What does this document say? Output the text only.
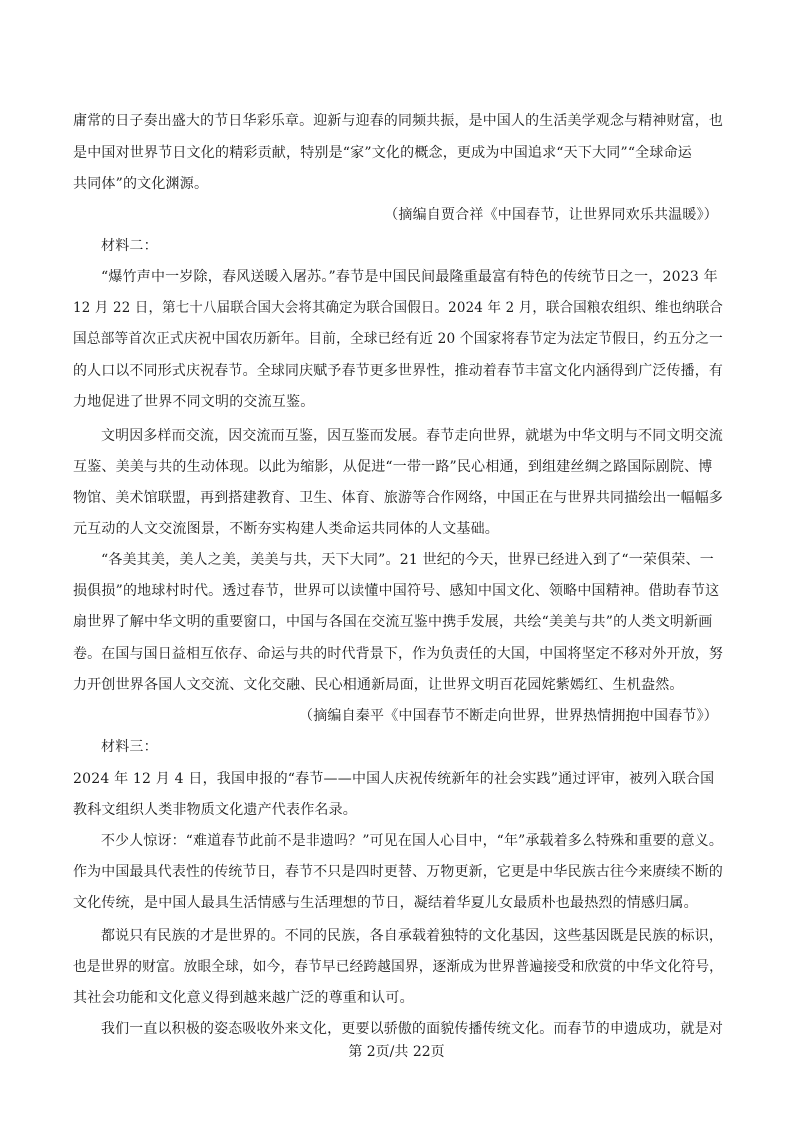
庸常的日子奏出盛大的节日华彩乐章。迎新与迎春的同频共振，是中国人的生活美学观念与精神财富，也
是中国对世界节日文化的精彩贡献，特别是“家”文化的概念，更成为中国追求“天下大同”“全球命运
共同体”的文化渊源。
（摘编自贾合祥《中国春节，让世界同欢乐共温暖》）
材料二：
“爆竹声中一岁除，春风送暖入屠苏。”春节是中国民间最隆重最富有特色的传统节日之一，2023 年
12 月 22 日，第七十八届联合国大会将其确定为联合国假日。2024 年 2 月，联合国粮农组织、维也纳联合
国总部等首次正式庆祝中国农历新年。目前，全球已经有近 20 个国家将春节定为法定节假日，约五分之一
的人口以不同形式庆祝春节。全球同庆赋予春节更多世界性，推动着春节丰富文化内涵得到广泛传播，有
力地促进了世界不同文明的交流互鉴。
文明因多样而交流，因交流而互鉴，因互鉴而发展。春节走向世界，就堪为中华文明与不同文明交流
互鉴、美美与共的生动体现。以此为缩影，从促进“一带一路”民心相通，到组建丝绸之路国际剧院、博
物馆、美术馆联盟，再到搭建教育、卫生、体育、旅游等合作网络，中国正在与世界共同描绘出一幅幅多
元互动的人文交流图景，不断夯实构建人类命运共同体的人文基础。
“各美其美，美人之美，美美与共，天下大同”。21 世纪的今天，世界已经进入到了“一荣俱荣、一
损俱损”的地球村时代。透过春节，世界可以读懂中国符号、感知中国文化、领略中国精神。借助春节这
扇世界了解中华文明的重要窗口，中国与各国在交流互鉴中携手发展，共绘“美美与共”的人类文明新画
卷。在国与国日益相互依存、命运与共的时代背景下，作为负责任的大国，中国将坚定不移对外开放，努
力开创世界各国人文交流、文化交融、民心相通新局面，让世界文明百花园姹紫嫣红、生机盎然。
（摘编自秦平《中国春节不断走向世界，世界热情拥抱中国春节》）
材料三：
2024 年 12 月 4 日，我国申报的“春节——中国人庆祝传统新年的社会实践”通过评审，被列入联合国
教科文组织人类非物质文化遗产代表作名录。
不少人惊讶：“难道春节此前不是非遗吗？”可见在国人心目中，“年”承载着多么特殊和重要的意义。
作为中国最具代表性的传统节日，春节不只是四时更替、万物更新，它更是中华民族古往今来赓续不断的
文化传统，是中国人最具生活情感与生活理想的节日，凝结着华夏儿女最质朴也最热烈的情感归属。
都说只有民族的才是世界的。不同的民族，各自承载着独特的文化基因，这些基因既是民族的标识，
也是世界的财富。放眼全球，如今，春节早已经跨越国界，逐渐成为世界普遍接受和欣赏的中华文化符号，
其社会功能和文化意义得到越来越广泛的尊重和认可。
我们一直以积极的姿态吸收外来文化，更要以骄傲的面貌传播传统文化。而春节的申遗成功，就是对
第 2页/共 22页
